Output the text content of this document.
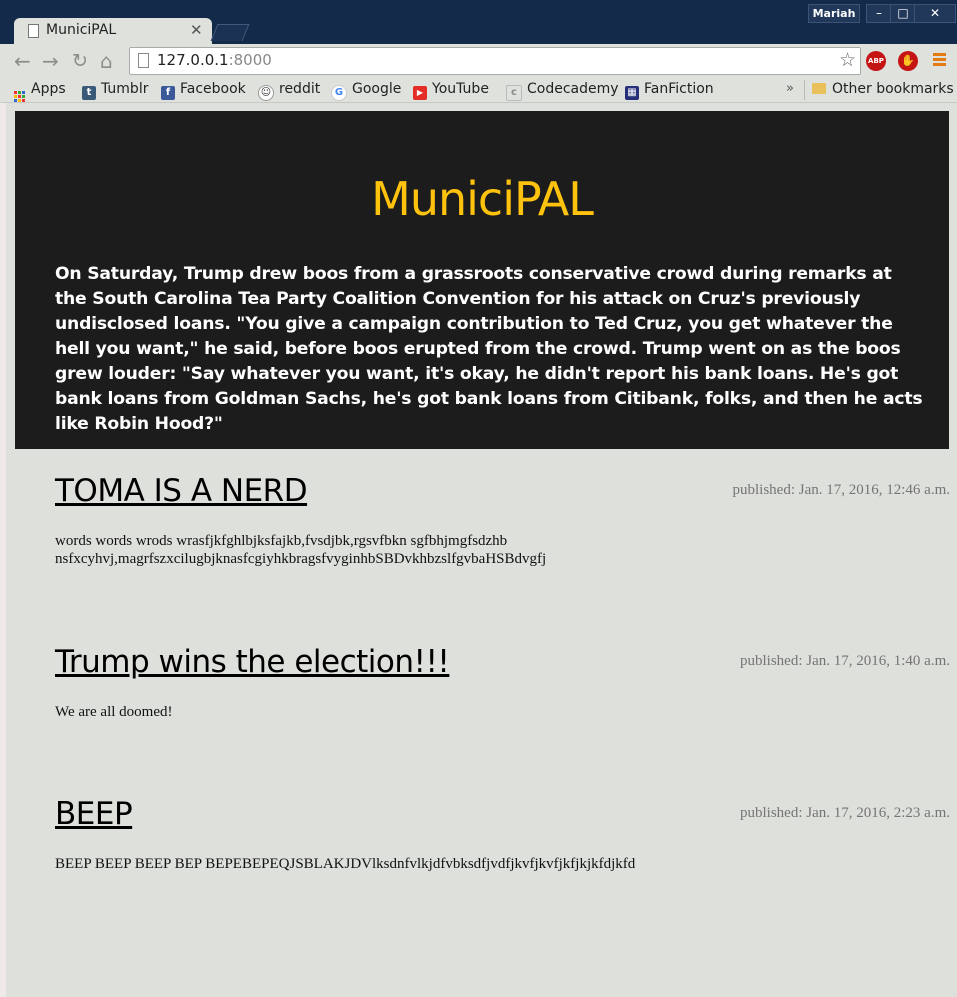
Mariah	–	□	✕
MuniciPAL	✕
← → ↻ ⌂	127.0.0.1:8000	☆ ABP ✋
Apps	t Tumblr	f Facebook ☺ reddit	G Google	▶ YouTube	c Codecademy ▦ FanFiction	»	Other bookmarks
MuniciPAL

On Saturday, Trump drew boos from a grassroots conservative crowd during remarks at the South Carolina Tea Party Coalition Convention for his attack on Cruz's previously undisclosed loans. "You give a campaign contribution to Ted Cruz, you get whatever the hell you want," he said, before boos erupted from the crowd. Trump went on as the boos grew louder: "Say whatever you want, it's okay, he didn't report his bank loans. He's got bank loans from Goldman Sachs, he's got bank loans from Citibank, folks, and then he acts like Robin Hood?"

TOMA IS A NERD	published: Jan. 17, 2016, 12:46 a.m.

words words wrods wrasfjkfghlbjksfajkb,fvsdjbk,rgsvfbkn sgfbhjmgfsdzhb nsfxcyhvj,magrfszxcilugbjknasfcgiyhkbragsfvyginhbSBDvkhbzslfgvbaHSBdvgfj

Trump wins the election!!!	published: Jan. 17, 2016, 1:40 a.m.

We are all doomed!

BEEP	published: Jan. 17, 2016, 2:23 a.m.

BEEP BEEP BEEP BEP BEPEBEPEQJSBLAKJDVlksdnfvlkjdfvbksdfjvdfjkvfjkvfjkfjkjkfdjkfd
